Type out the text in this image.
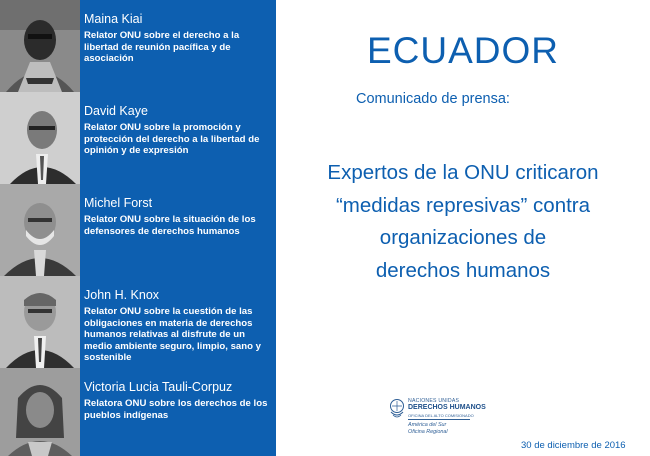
Maina Kiai
Relator ONU sobre el derecho a la libertad de reunión pacífica y de asociación
David Kaye
Relator ONU sobre la promoción y protección del derecho a la libertad de opinión y de expresión
Michel Forst
Relator ONU sobre la situación de los defensores de derechos humanos
John H. Knox
Relator ONU sobre la cuestión de las obligaciones en materia de derechos humanos relativas al disfrute de un medio ambiente seguro, limpio, sano y sostenible
Victoria Lucia Tauli-Corpuz
Relatora ONU sobre los derechos de los pueblos indígenas
ECUADOR
Comunicado de prensa:
Expertos de la ONU criticaron
“medidas represivas” contra
organizaciones de
derechos humanos
NACIONES UNIDAS
DERECHOS HUMANOS
OFICINA DEL ALTO COMISIONADO
América del Sur
Oficina Regional
30 de diciembre de 2016
